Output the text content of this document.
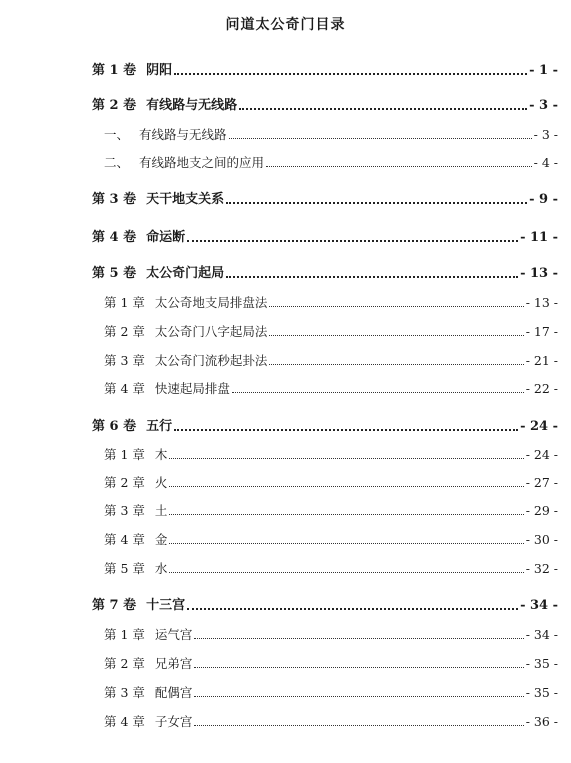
问道太公奇门目录
第 1 卷 阴阳	- 1 -
第 2 卷 有线路与无线路	- 3 -
一、 有线路与无线路	- 3 -
二、 有线路地支之间的应用	- 4 -
第 3 卷 天干地支关系	- 9 -
第 4 卷 命运断	- 11 -
第 5 卷 太公奇门起局	- 13 -
第 1 章 太公奇地支局排盘法	- 13 -
第 2 章 太公奇门八字起局法	- 17 -
第 3 章 太公奇门流秒起卦法	- 21 -
第 4 章 快速起局排盘	- 22 -
第 6 卷 五行	- 24 -
第 1 章 木	- 24 -
第 2 章 火	- 27 -
第 3 章 土	- 29 -
第 4 章 金	- 30 -
第 5 章 水	- 32 -
第 7 卷 十三宫	- 34 -
第 1 章 运气宫	- 34 -
第 2 章 兄弟宫	- 35 -
第 3 章 配偶宫	- 35 -
第 4 章 子女宫	- 36 -
